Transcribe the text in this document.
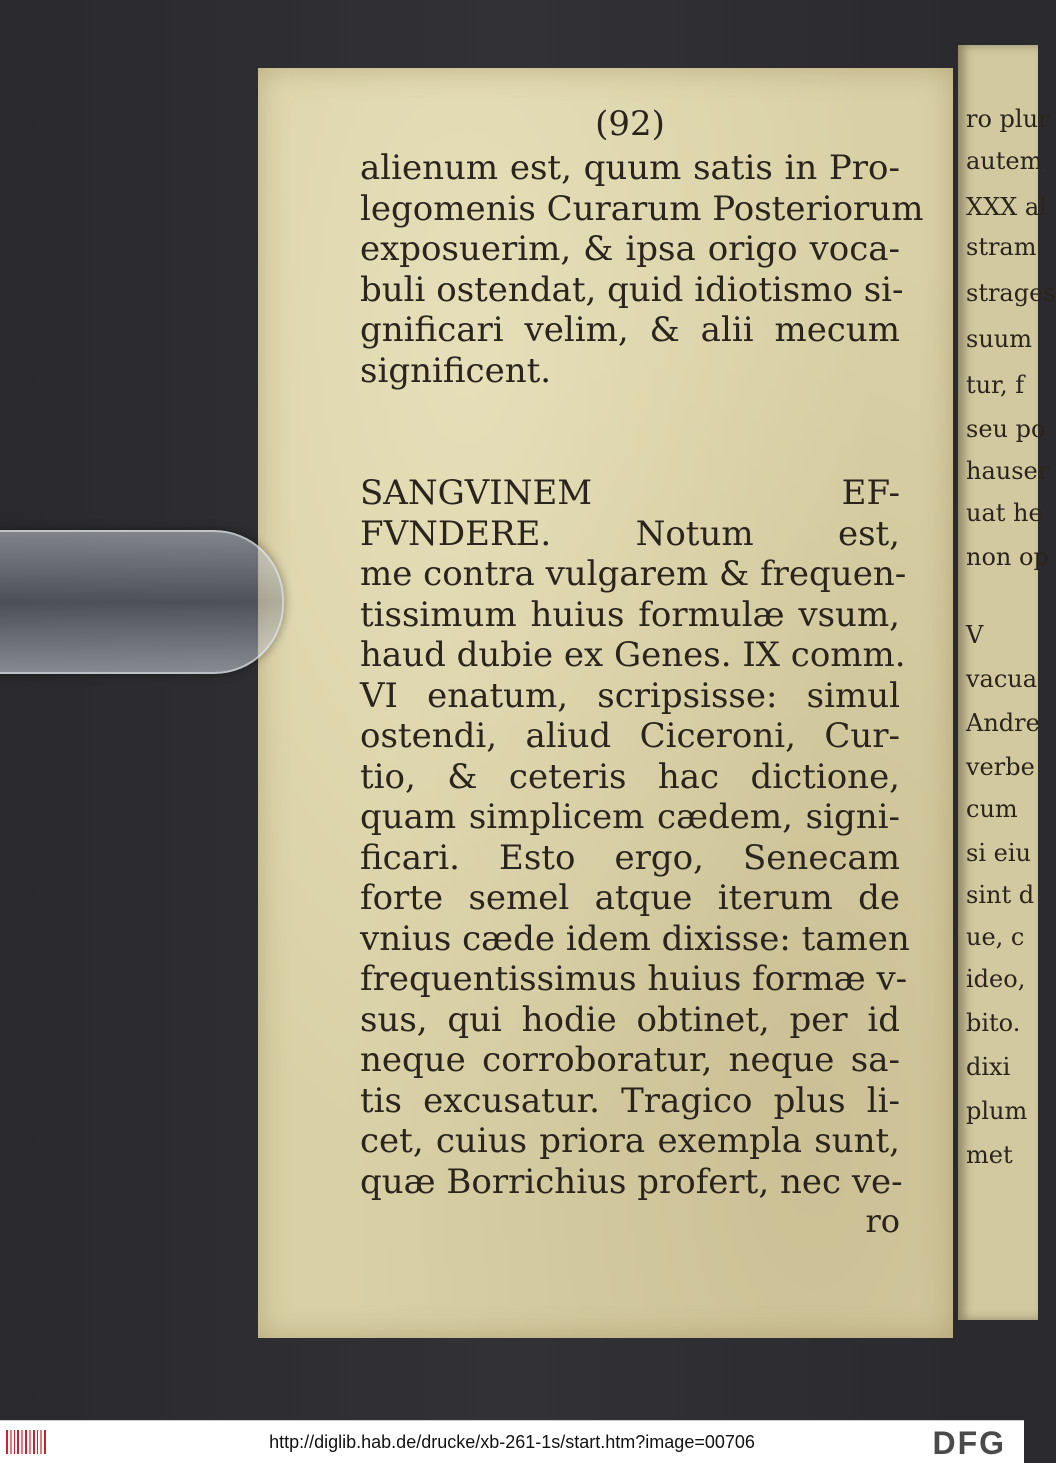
ro plur
autem
XXX al
stram
strages
suum
tur, f
seu po
hauser
uat he
non op
V
vacua
Andre
verbe
cum
si eiu
sint d
ue, c
ideo,
bito.
dixi
plum
met
(92)
alienum est, quum satis in Pro-
legomenis Curarum Posteriorum
exposuerim, & ipsa origo voca-
buli ostendat, quid idiotismo si-
gnificari velim, & alii mecum
significent.
SANGVINEM EF-
FVNDERE. Notum est,
me contra vulgarem & frequen-
tissimum huius formulæ vsum,
haud dubie ex Genes. IX comm.
VI enatum, scripsisse: simul
ostendi, aliud Ciceroni, Cur-
tio, & ceteris hac dictione,
quam simplicem cædem, signi-
ficari. Esto ergo, Senecam
forte semel atque iterum de
vnius cæde idem dixisse: tamen
frequentissimus huius formæ v-
sus, qui hodie obtinet, per id
neque corroboratur, neque sa-
tis excusatur. Tragico plus li-
cet, cuius priora exempla sunt,
quæ Borrichius profert, nec ve-
ro
http://diglib.hab.de/drucke/xb-261-1s/start.htm?image=00706	DFG
